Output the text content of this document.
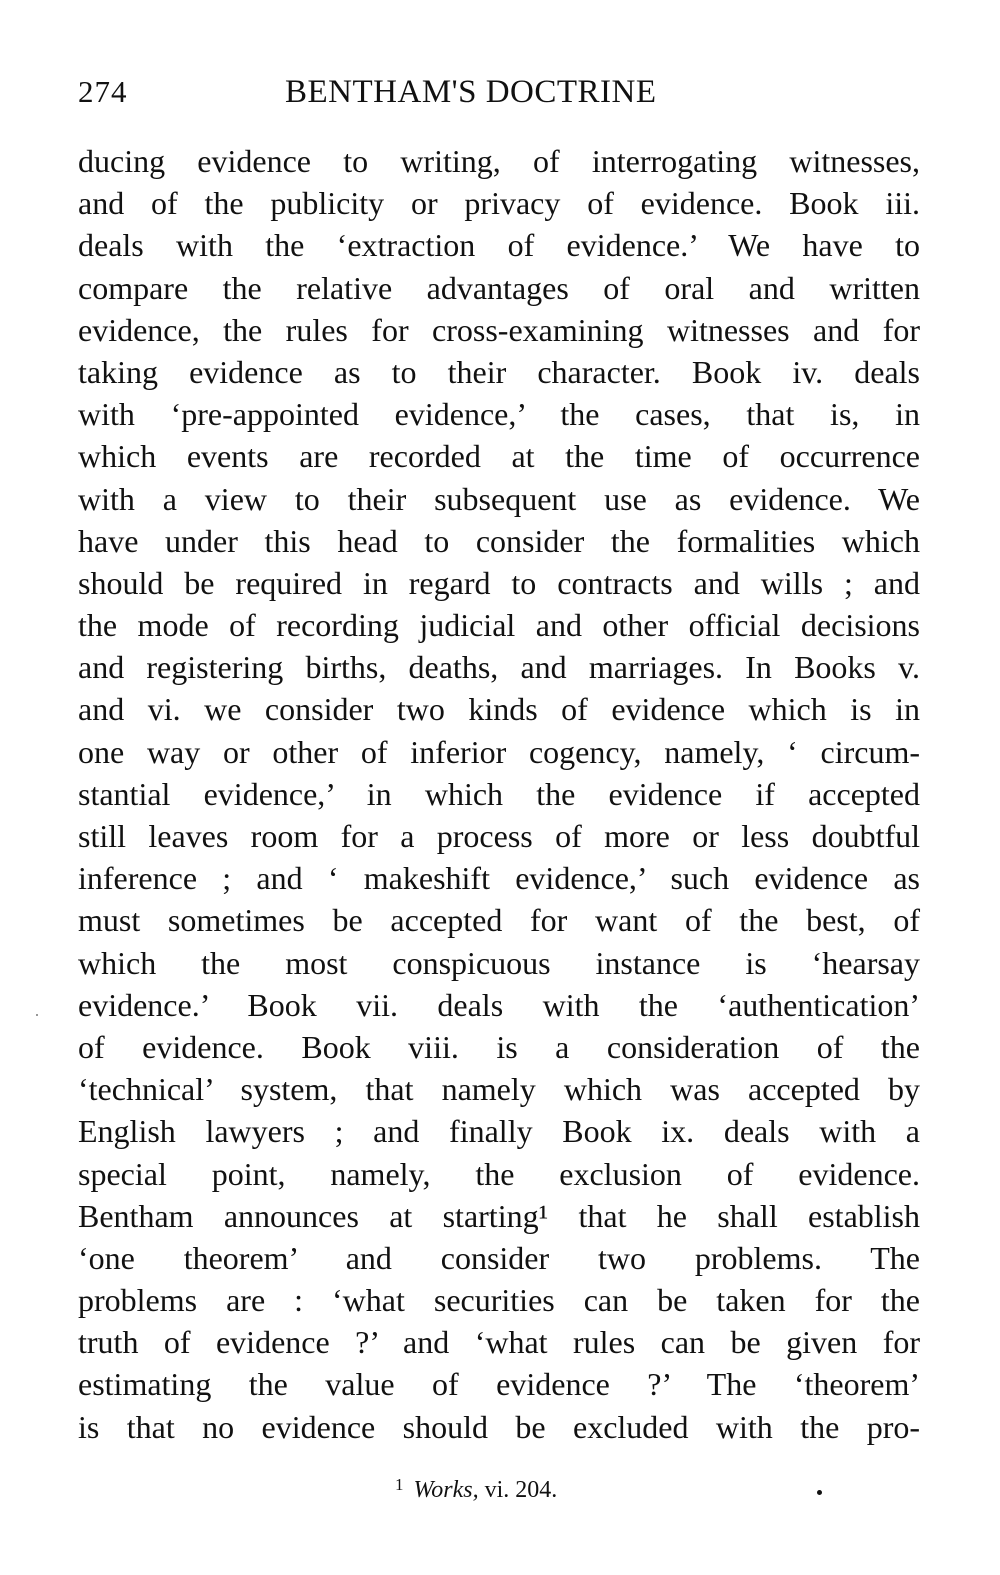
274	BENTHAM'S DOCTRINE
ducing evidence to writing, of interrogating witnesses,
and of the publicity or privacy of evidence. Book iii.
deals with the ‘extraction of evidence.’ We have to
compare the relative advantages of oral and written
evidence, the rules for cross-examining witnesses and for
taking evidence as to their character. Book iv. deals
with ‘pre-appointed evidence,’ the cases, that is, in
which events are recorded at the time of occurrence
with a view to their subsequent use as evidence. We
have under this head to consider the formalities which
should be required in regard to contracts and wills ; and
the mode of recording judicial and other official decisions
and registering births, deaths, and marriages. In Books v.
and vi. we consider two kinds of evidence which is in
one way or other of inferior cogency, namely, ‘ circum-
stantial evidence,’ in which the evidence if accepted
still leaves room for a process of more or less doubtful
inference ; and ‘ makeshift evidence,’ such evidence as
must sometimes be accepted for want of the best, of
which the most conspicuous instance is ‘hearsay
evidence.’ Book vii. deals with the ‘authentication’
of evidence. Book viii. is a consideration of the
‘technical’ system, that namely which was accepted by
English lawyers ; and finally Book ix. deals with a
special point, namely, the exclusion of evidence.
Bentham announces at starting¹ that he shall establish
‘one theorem’ and consider two problems. The
problems are : ‘what securities can be taken for the
truth of evidence ?’ and ‘what rules can be given for
estimating the value of evidence ?’ The ‘theorem’
is that no evidence should be excluded with the pro-
$^1$ Works, vi. 204.
